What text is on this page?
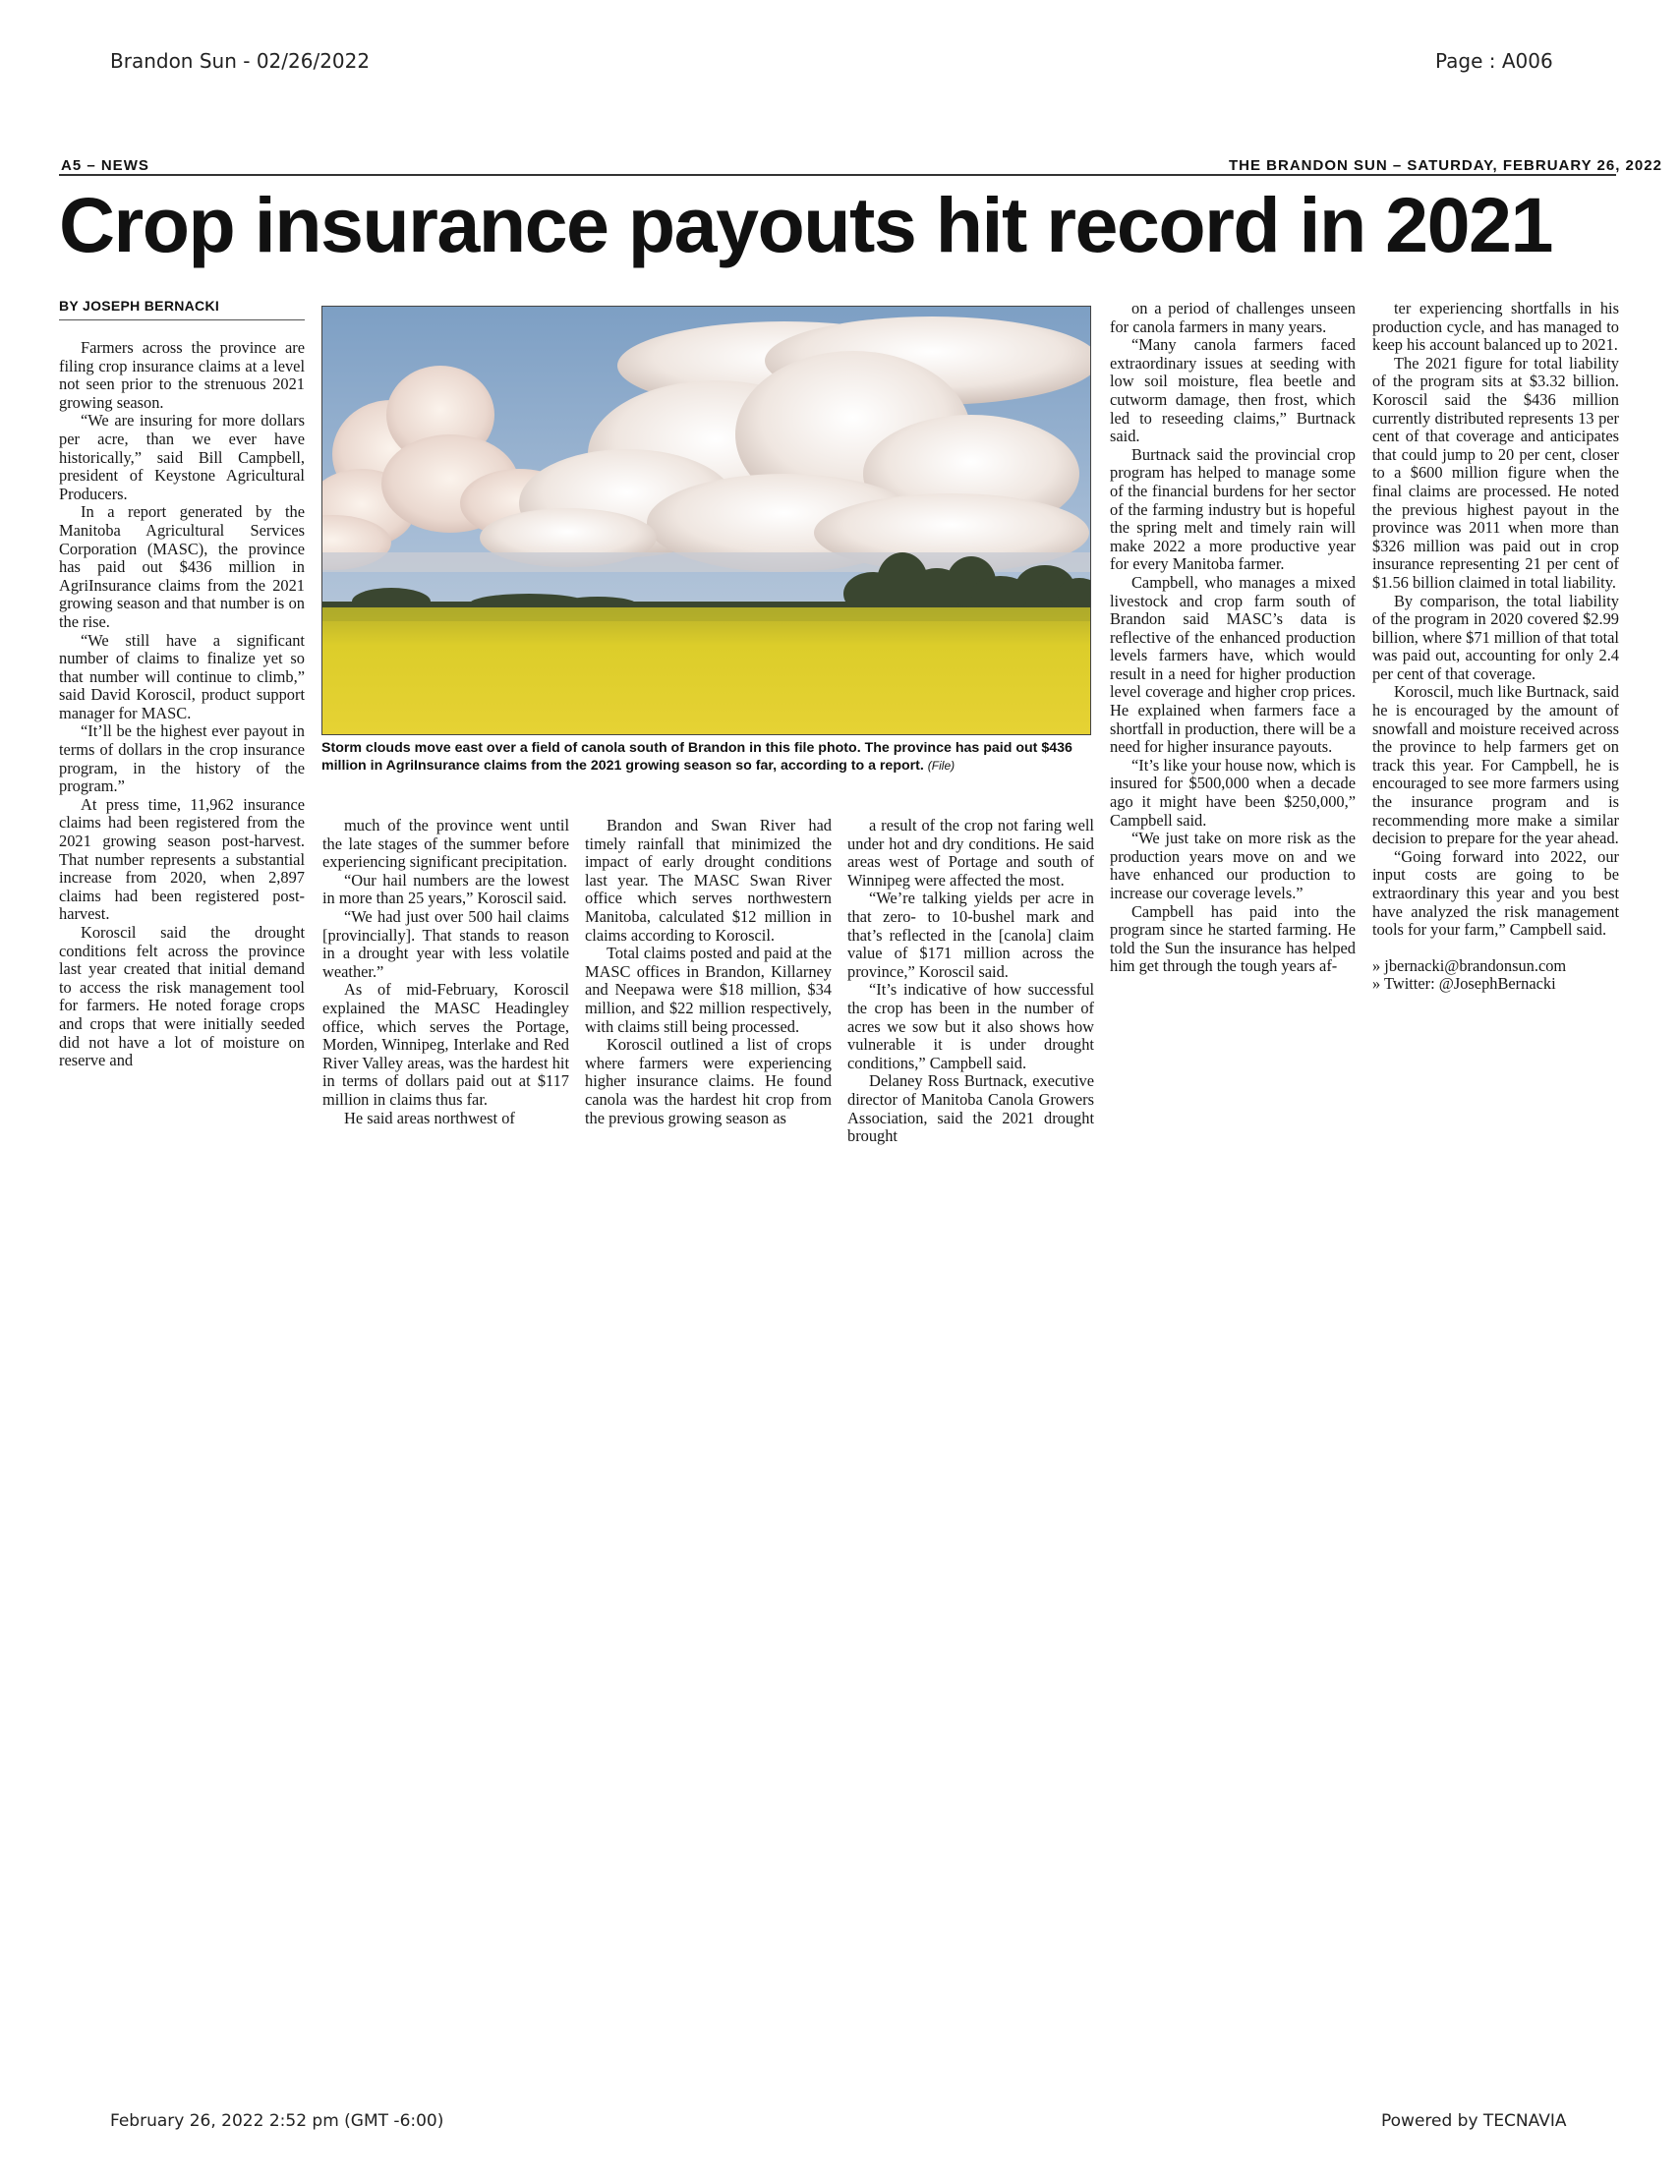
Brandon Sun - 02/26/2022	Page : A006
A5 – NEWS	THE BRANDON SUN – SATURDAY, FEBRUARY 26, 2022
Crop insurance payouts hit record in 2021
BY JOSEPH BERNACKI

Farmers across the province are filing crop insurance claims at a level not seen prior to the strenuous 2021 growing season.

“We are insuring for more dollars per acre, than we ever have historically,” said Bill Campbell, president of Keystone Agricultural Producers.

In a report generated by the Manitoba Agricultural Services Corporation (MASC), the province has paid out $436 million in AgriInsurance claims from the 2021 growing season and that number is on the rise.

“We still have a significant number of claims to finalize yet so that number will continue to climb,” said David Koroscil, product support manager for MASC.

“It’ll be the highest ever payout in terms of dollars in the crop insurance program, in the history of the program.”

At press time, 11,962 insurance claims had been registered from the 2021 growing season post-harvest. That number represents a substantial increase from 2020, when 2,897 claims had been registered post-harvest.

Koroscil said the drought conditions felt across the province last year created that initial demand to access the risk management tool for farmers. He noted forage crops and crops that were initially seeded did not have a lot of moisture on reserve and

Storm clouds move east over a field of canola south of Brandon in this file photo. The province has paid out $436 million in AgriInsurance claims from the 2021 growing season so far, according to a report. (File)

much of the province went until the late stages of the summer before experiencing significant precipitation.

“Our hail numbers are the lowest in more than 25 years,” Koroscil said.

“We had just over 500 hail claims [provincially]. That stands to reason in a drought year with less volatile weather.”

As of mid-February, Koroscil explained the MASC Headingley office, which serves the Portage, Morden, Winnipeg, Interlake and Red River Valley areas, was the hardest hit in terms of dollars paid out at $117 million in claims thus far.

He said areas northwest of

Brandon and Swan River had timely rainfall that minimized the impact of early drought conditions last year. The MASC Swan River office which serves northwestern Manitoba, calculated $12 million in claims according to Koroscil.

Total claims posted and paid at the MASC offices in Brandon, Killarney and Neepawa were $18 million, $34 million, and $22 million respectively, with claims still being processed.

Koroscil outlined a list of crops where farmers were experiencing higher insurance claims. He found canola was the hardest hit crop from the previous growing season as

a result of the crop not faring well under hot and dry conditions. He said areas west of Portage and south of Winnipeg were affected the most.

“We’re talking yields per acre in that zero- to 10-bushel mark and that’s reflected in the [canola] claim value of $171 million across the province,” Koroscil said.

“It’s indicative of how successful the crop has been in the number of acres we sow but it also shows how vulnerable it is under drought conditions,” Campbell said.

Delaney Ross Burtnack, executive director of Manitoba Canola Growers Association, said the 2021 drought brought

on a period of challenges unseen for canola farmers in many years.

“Many canola farmers faced extraordinary issues at seeding with low soil moisture, flea beetle and cutworm damage, then frost, which led to reseeding claims,” Burtnack said.

Burtnack said the provincial crop program has helped to manage some of the financial burdens for her sector of the farming industry but is hopeful the spring melt and timely rain will make 2022 a more productive year for every Manitoba farmer.

Campbell, who manages a mixed livestock and crop farm south of Brandon said MASC’s data is reflective of the enhanced production levels farmers have, which would result in a need for higher production level coverage and higher crop prices. He explained when farmers face a shortfall in production, there will be a need for higher insurance payouts.

“It’s like your house now, which is insured for $500,000 when a decade ago it might have been $250,000,” Campbell said.

“We just take on more risk as the production years move on and we have enhanced our production to increase our coverage levels.”

Campbell has paid into the program since he started farming. He told the Sun the insurance has helped him get through the tough years af-

ter experiencing shortfalls in his production cycle, and has managed to keep his account balanced up to 2021.

The 2021 figure for total liability of the program sits at $3.32 billion. Koroscil said the $436 million currently distributed represents 13 per cent of that coverage and anticipates that could jump to 20 per cent, closer to a $600 million figure when the final claims are processed. He noted the previous highest payout in the province was 2011 when more than $326 million was paid out in crop insurance representing 21 per cent of $1.56 billion claimed in total liability.

By comparison, the total liability of the program in 2020 covered $2.99 billion, where $71 million of that total was paid out, accounting for only 2.4 per cent of that coverage.

Koroscil, much like Burtnack, said he is encouraged by the amount of snowfall and moisture received across the province to help farmers get on track this year. For Campbell, he is encouraged to see more farmers using the insurance program and is recommending more make a similar decision to prepare for the year ahead.

“Going forward into 2022, our input costs are going to be extraordinary this year and you best have analyzed the risk management tools for your farm,” Campbell said.

» jbernacki@brandonsun.com

» Twitter: @JosephBernacki

February 26, 2022 2:52 pm (GMT -6:00)	Powered by TECNAVIA
